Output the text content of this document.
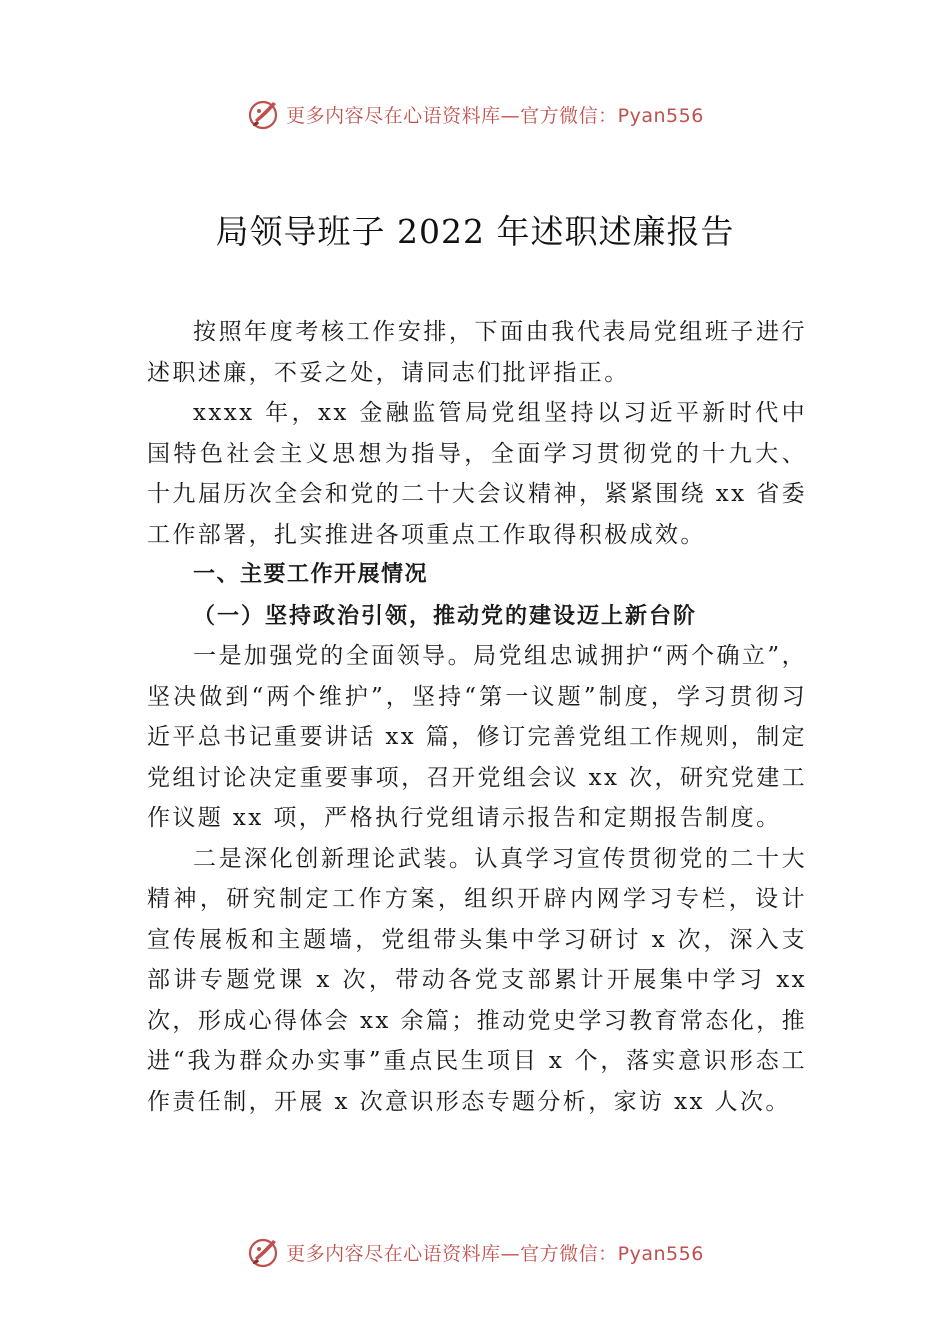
更多内容尽在心语资料库—官方微信：Pyan556
局领导班子 2022 年述职述廉报告

按照年度考核工作安排，下面由我代表局党组班子进行述职述廉，不妥之处，请同志们批评指正。

xxxx 年，xx 金融监管局党组坚持以习近平新时代中国特色社会主义思想为指导，全面学习贯彻党的十九大、十九届历次全会和党的二十大会议精神，紧紧围绕 xx 省委工作部署，扎实推进各项重点工作取得积极成效。

一、主要工作开展情况

（一）坚持政治引领，推动党的建设迈上新台阶

一是加强党的全面领导。局党组忠诚拥护“两个确立”，坚决做到“两个维护”，坚持“第一议题”制度，学习贯彻习近平总书记重要讲话 xx 篇，修订完善党组工作规则，制定党组讨论决定重要事项，召开党组会议 xx 次，研究党建工作议题 xx 项，严格执行党组请示报告和定期报告制度。

二是深化创新理论武装。认真学习宣传贯彻党的二十大精神，研究制定工作方案，组织开辟内网学习专栏，设计宣传展板和主题墙，党组带头集中学习研讨 x 次，深入支部讲专题党课 x 次，带动各党支部累计开展集中学习 xx 次，形成心得体会 xx 余篇；推动党史学习教育常态化，推进“我为群众办实事”重点民生项目 x 个，落实意识形态工作责任制，开展 x 次意识形态专题分析，家访 xx 人次。

更多内容尽在心语资料库—官方微信：Pyan556
